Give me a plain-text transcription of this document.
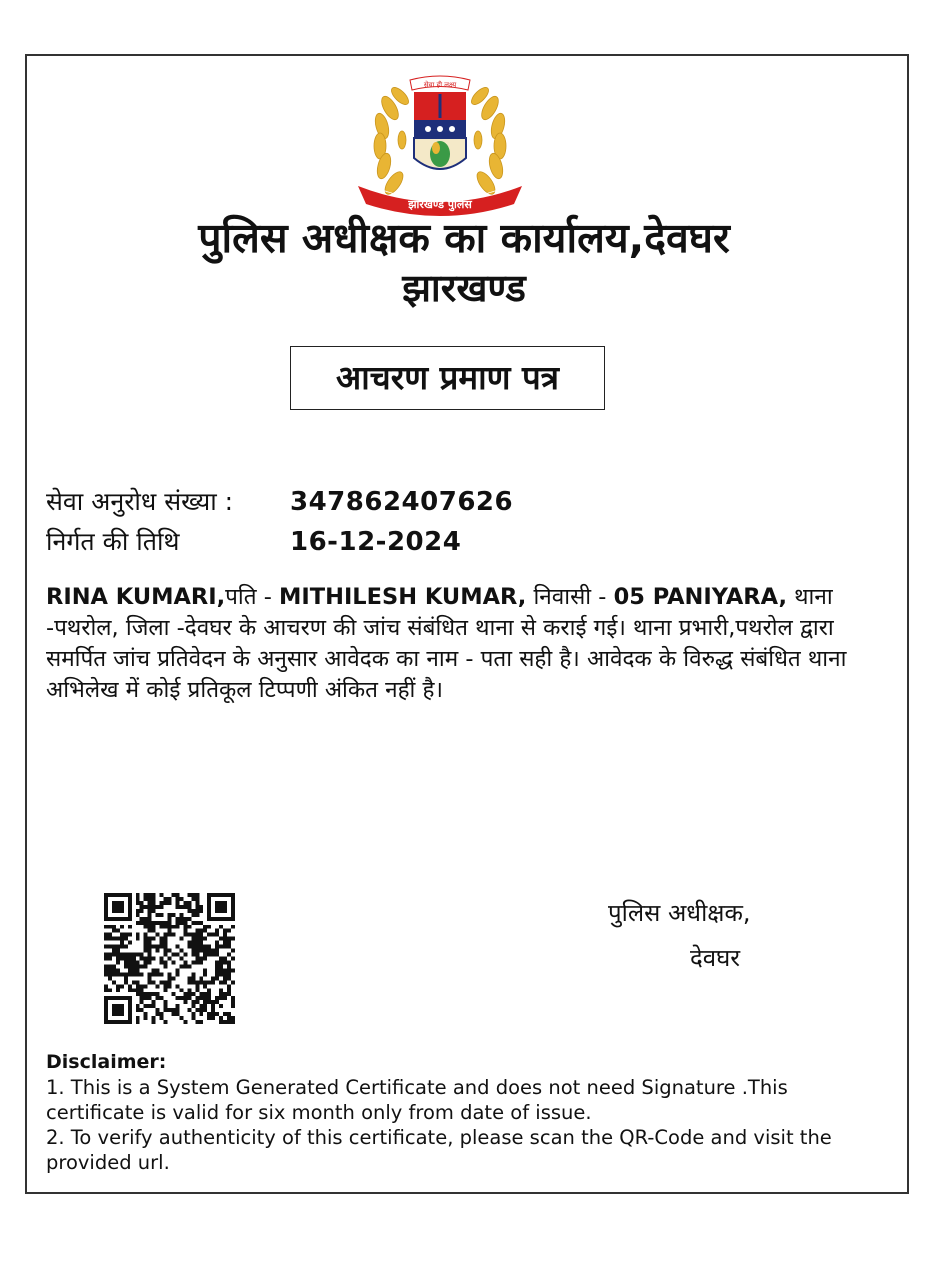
झारखण्ड पुलिस
सेवा ही लक्ष्य
पुलिस अधीक्षक का कार्यालय,देवघर
झारखण्ड
आचरण प्रमाण पत्र
सेवा अनुरोध संख्या : 347862407626
निर्गत की तिथि	16-12-2024

RINA KUMARI,पति - MITHILESH KUMAR, निवासी - 05 PANIYARA, थाना -पथरोल, जिला -देवघर के आचरण की जांच संबंधित थाना से कराई गई। थाना प्रभारी,पथरोल द्वारा समर्पित जांच प्रतिवेदन के अनुसार आवेदक का नाम - पता सही है। आवेदक के विरुद्ध संबंधित थाना अभिलेख में कोई प्रतिकूल टिप्पणी अंकित नहीं है।

पुलिस अधीक्षक,
देवघर

Disclaimer:

1. This is a System Generated Certificate and does not need Signature .This certificate is valid for six month only from date of issue.

2. To verify authenticity of this certificate, please scan the QR-Code and visit the provided url.
